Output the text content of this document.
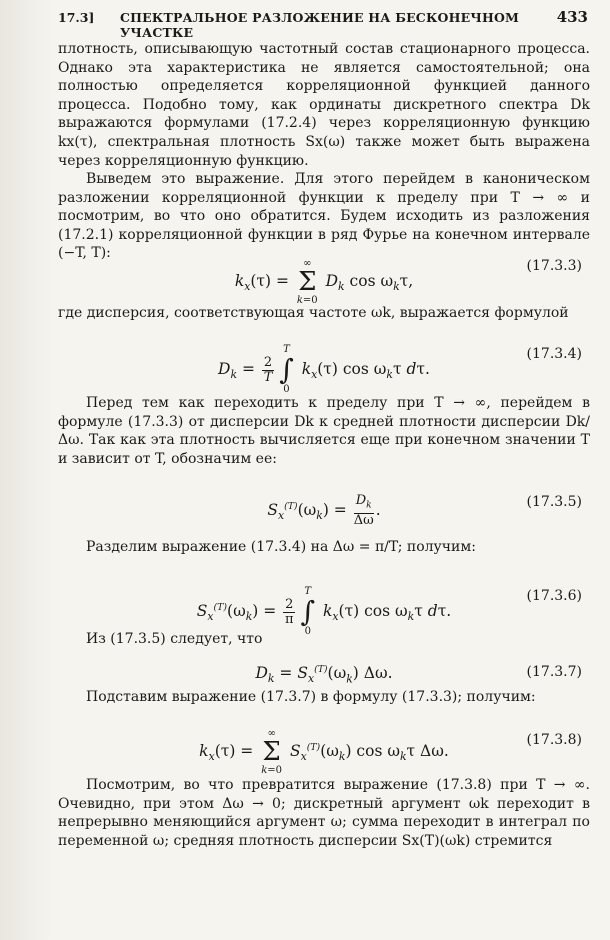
17.3] СПЕКТРАЛЬНОЕ РАЗЛОЖЕНИЕ НА БЕСКОНЕЧНОМ УЧАСТКЕ
433
плотность, описывающую частотный состав стационарного процесса. Однако эта характеристика не является самостоятельной; она полностью определяется корреляционной функцией данного процесса. Подобно тому, как ординаты дискретного спектра Dk выражаются формулами (17.2.4) через корреляционную функцию kx(τ), спектральная плотность Sx(ω) также может быть выражена через корреляционную функцию.
Выведем это выражение. Для этого перейдем в каноническом разложении корреляционной функции к пределу при T → ∞ и посмотрим, во что оно обратится. Будем исходить из разложения (17.2.1) корреляционной функции в ряд Фурье на конечном интервале (−T, T):
$k_x(\tau)$ =
∞
Σ
k=0
$D_k$ $\cos \omega_k\tau$,
(17.3.3)
где дисперсия, соответствующая частоте ωk, выражается формулой
$D_k = \frac{2}{T}$
T
∫
0
$k_x(\tau)$ $\cos \omega_k\tau$ dτ.
(17.3.4)
Перед тем как переходить к пределу при T → ∞, перейдем в формуле (17.3.3) от дисперсии Dk к средней плотности дисперсии Dk/Δω. Так как эта плотность вычисляется еще при конечном значении T и зависит от T, обозначим ее:
$S_x^{(T)}(\omega_k) = \frac{D_k}{\Delta\omega}$ .	(17.3.5)
Разделим выражение (17.3.4) на Δω = π/T; получим:
$S_x^{(T)}(\omega_k) = \frac{2}{\pi}$
T
∫
0
$k_x(\tau)$ $\cos \omega_k\tau$ dτ.
(17.3.6)
Из (17.3.5) следует, что
$D_k = S_x^{(T)}(\omega_k)$ Δω.	(17.3.7)
Подставим выражение (17.3.7) в формулу (17.3.3); получим:
$k_x(\tau)$ =
∞
Σ
k=0
$S_x^{(T)}(\omega_k)$ $\cos \omega_k\tau$ Δω.
(17.3.8)
Посмотрим, во что превратится выражение (17.3.8) при T → ∞. Очевидно, при этом Δω → 0; дискретный аргумент ωk переходит в непрерывно меняющийся аргумент ω; сумма переходит в интеграл по переменной ω; средняя плотность дисперсии Sx(T)(ωk) стремится
